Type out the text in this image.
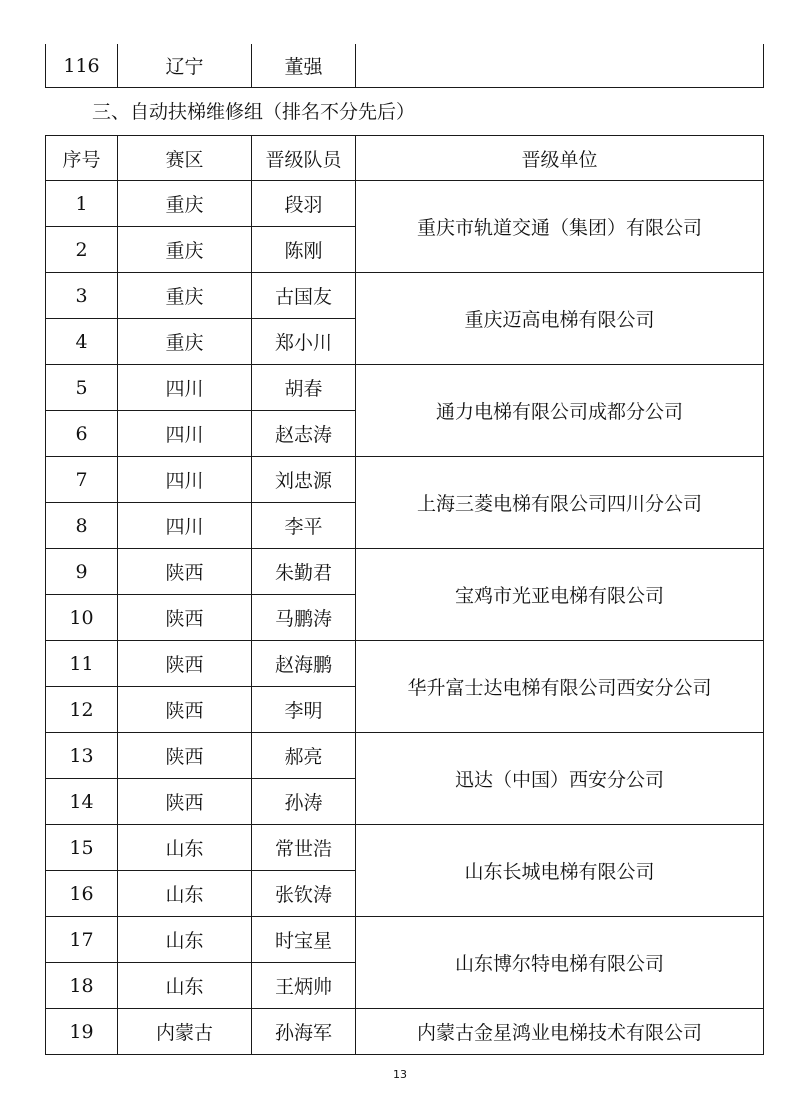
116	辽宁	董强	
三、自动扶梯维修组（排名不分先后）
序号	赛区	晋级队员	晋级单位
1	重庆	段羽	重庆市轨道交通（集团）有限公司
2	重庆	陈刚	
3	重庆	古国友	重庆迈高电梯有限公司
4	重庆	郑小川	
5	四川	胡春	通力电梯有限公司成都分公司
6	四川	赵志涛	
7	四川	刘忠源	上海三菱电梯有限公司四川分公司
8	四川	李平	
9	陕西	朱勤君	宝鸡市光亚电梯有限公司
10	陕西	马鹏涛	
11	陕西	赵海鹏	华升富士达电梯有限公司西安分公司
12	陕西	李明	
13	陕西	郝亮	迅达（中国）西安分公司
14	陕西	孙涛	
15	山东	常世浩	山东长城电梯有限公司
16	山东	张钦涛	
17	山东	时宝星	山东博尔特电梯有限公司
18	山东	王炳帅	
19	内蒙古	孙海军	内蒙古金星鸿业电梯技术有限公司
13
